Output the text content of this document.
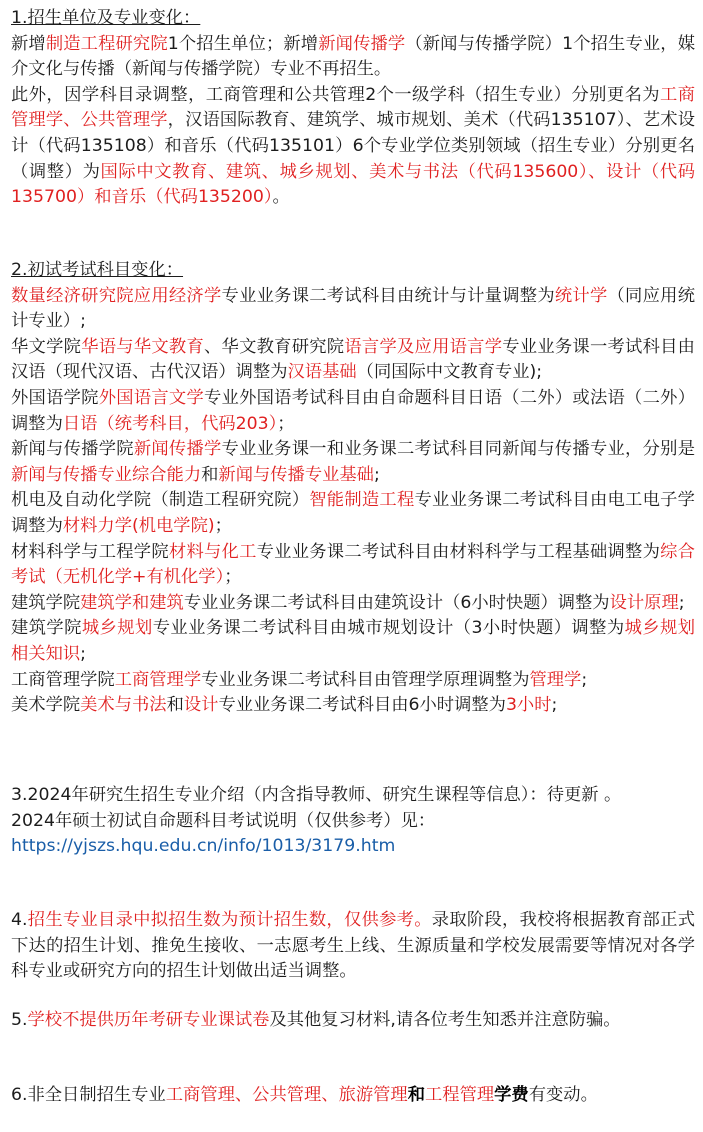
1.招生单位及专业变化：
新增制造工程研究院1个招生单位；新增新闻传播学（新闻与传播学院）1个招生专业，媒介文化与传播（新闻与传播学院）专业不再招生。
此外，因学科目录调整，工商管理和公共管理2个一级学科（招生专业）分别更名为工商管理学、公共管理学，汉语国际教育、建筑学、城市规划、美术（代码135107）、艺术设计（代码135108）和音乐（代码135101）6个专业学位类别领域（招生专业）分别更名（调整）为国际中文教育、建筑、城乡规划、美术与书法（代码135600）、设计（代码135700）和音乐（代码135200）。

2.初试考试科目变化：
数量经济研究院应用经济学专业业务课二考试科目由统计与计量调整为统计学（同应用统计专业）;
华文学院华语与华文教育、华文教育研究院语言学及应用语言学专业业务课一考试科目由汉语（现代汉语、古代汉语）调整为汉语基础（同国际中文教育专业);
外国语学院外国语言文学专业外国语考试科目由自命题科目日语（二外）或法语（二外）调整为日语（统考科目，代码203）；
新闻与传播学院新闻传播学专业业务课一和业务课二考试科目同新闻与传播专业，分别是新闻与传播专业综合能力和新闻与传播专业基础;
机电及自动化学院（制造工程研究院）智能制造工程专业业务课二考试科目由电工电子学调整为材料力学(机电学院)；
材料科学与工程学院材料与化工专业业务课二考试科目由材料科学与工程基础调整为综合考试（无机化学+有机化学）；
建筑学院建筑学和建筑专业业务课二考试科目由建筑设计（6小时快题）调整为设计原理;
建筑学院城乡规划专业业务课二考试科目由城市规划设计（3小时快题）调整为城乡规划相关知识;
工商管理学院工商管理学专业业务课二考试科目由管理学原理调整为管理学;
美术学院美术与书法和设计专业业务课二考试科目由6小时调整为3小时;

3.2024年研究生招生专业介绍（内含指导教师、研究生课程等信息）：待更新 。
2024年硕士初试自命题科目考试说明（仅供参考）见：
https://yjszs.hqu.edu.cn/info/1013/3179.htm

4.招生专业目录中拟招生数为预计招生数，仅供参考。录取阶段，我校将根据教育部正式下达的招生计划、推免生接收、一志愿考生上线、生源质量和学校发展需要等情况对各学科专业或研究方向的招生计划做出适当调整。

5.学校不提供历年考研专业课试卷及其他复习材料,请各位考生知悉并注意防骗。

6.非全日制招生专业工商管理、公共管理、旅游管理和工程管理学费有变动。
